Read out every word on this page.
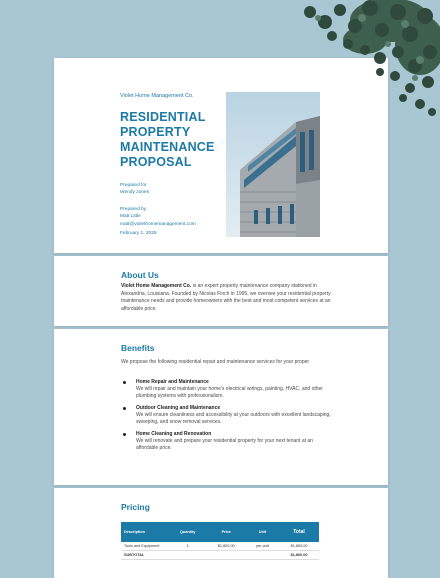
Violet Home Management Co.
RESIDENTIAL PROPERTY MAINTENANCE PROPOSAL
Prepared for
Wendy Jones
Prepared by
Matt Little
matt@violethomemanagement.com
February 1, 2025
About Us
Violet Home Management Co. is an expert property maintenance company stationed in Alexandria, Louisiana. Founded by Nicolas Finch in 1995, we oversee your residential property maintenance needs and provide homeowners with the best and most competent services at an affordable price.
Benefits
We propose the following residential repair and maintenance services for your proper
Home Repair and Maintenance
We will repair and maintain your home's electrical wirings, painting, HVAC, and other plumbing systems with professionalism.
Outdoor Cleaning and Maintenance
We will ensure cleanliness and accessibility at your outdoors with excellent landscaping, sweeping, and snow removal services.
Home Cleaning and Renovation
We will renovate and prepare your residential property for your next tenant at an affordable price.
Pricing
Description	Quantity	Price	Unit	Total
Tools and Equipment	1	$1,800.00	per-unit	$1,800.00
SUBTOTAL				$1,800.00
